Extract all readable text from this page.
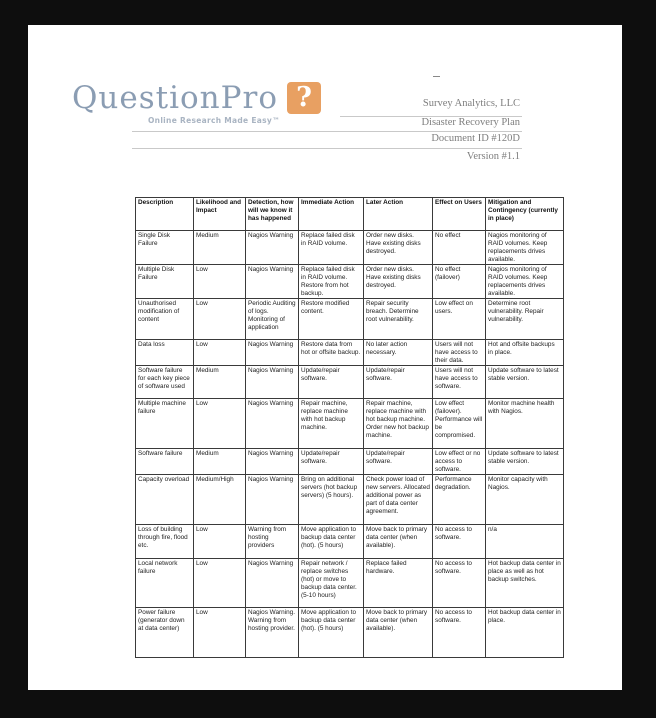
QuestionPro ?
Online Research Made Easy™
Survey Analytics, LLC
Disaster Recovery Plan
Document ID #120D
Version #1.1
Description	Likelihood and Impact	Detection, how will we know it has happened	Immediate Action	Later Action	Effect on Users	Mitigation and Contingency (currently in place)
Single Disk Failure	Medium	Nagios Warning	Replace failed disk in RAID volume.	Order new disks. Have existing disks destroyed.	No effect	Nagios monitoring of RAID volumes. Keep replacements drives available.
Multiple Disk Failure	Low	Nagios Warning	Replace failed disk in RAID volume. Restore from hot backup.	Order new disks. Have existing disks destroyed.	No effect (failover)	Nagios monitoring of RAID volumes. Keep replacements drives available.
Unauthorised modification of content	Low	Periodic Auditing of logs. Monitoring of application	Restore modified content.	Repair security breach. Determine root vulnerability.	Low effect on users.	Determine root vulnerability. Repair vulnerability.
Data loss	Low	Nagios Warning	Restore data from hot or offsite backup.	No later action necessary.	Users will not have access to their data.	Hot and offsite backups in place.
Software failure for each key piece of software used	Medium	Nagios Warning	Update/repair software.	Update/repair software.	Users will not have access to software.	Update software to latest stable version.
Multiple machine failure	Low	Nagios Warning	Repair machine, replace machine with hot backup machine.	Repair machine, replace machine with hot backup machine. Order new hot backup machine.	Low effect (failover). Performance will be compromised.	Monitor machine health with Nagios.
Software failure	Medium	Nagios Warning	Update/repair software.	Update/repair software.	Low effect or no access to software.	Update software to latest stable version.
Capacity overload	Medium/High	Nagios Warning	Bring on additional servers (hot backup servers) (5 hours).	Check power load of new servers. Allocated additional power as part of data center agreement.	Performance degradation.	Monitor capacity with Nagios.
Loss of building through fire, flood etc.	Low	Warning from hosting providers	Move application to backup data center (hot). (5 hours)	Move back to primary data center (when available).	No access to software.	n/a
Local network failure	Low	Nagios Warning	Repair network / replace switches (hot) or move to backup data center. (5-10 hours)	Replace failed hardware.	No access to software.	Hot backup data center in place as well as hot backup switches.
Power failure (generator down at data center)	Low	Nagios Warning. Warning from hosting provider.	Move application to backup data center (hot). (5 hours)	Move back to primary data center (when available).	No access to software.	Hot backup data center in place.
